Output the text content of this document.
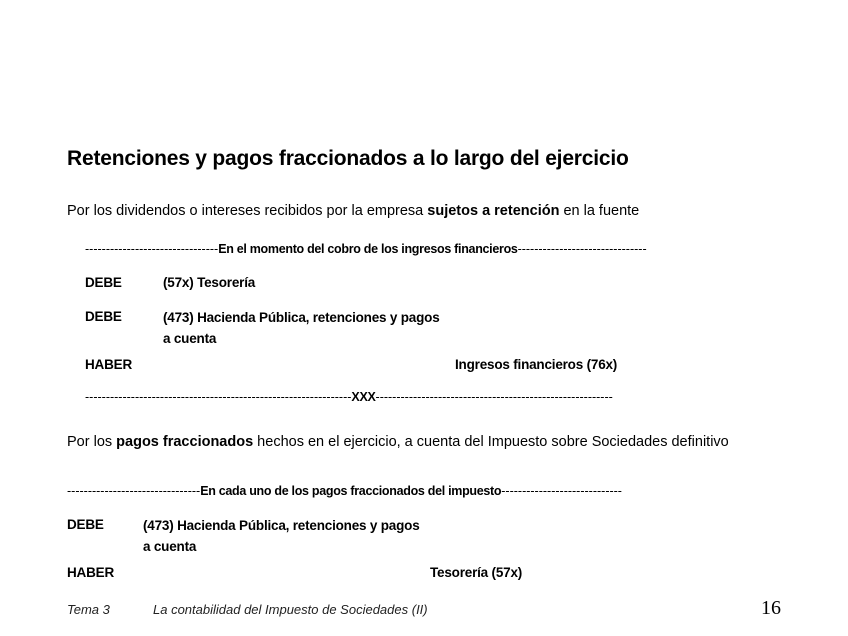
Retenciones y pagos fraccionados a lo largo del ejercicio
Por los dividendos o intereses recibidos por la empresa sujetos a retención en la fuente
--------------------------------En el momento del cobro de los ingresos financieros-------------------------------
DEBE	(57x) Tesorería
DEBE	(473) Hacienda Pública, retenciones y pagos a cuenta
HABER	Ingresos financieros (76x)
----------------------------------------------------------------XXX---------------------------------------------------------
Por los pagos fraccionados hechos en el ejercicio, a cuenta del Impuesto sobre Sociedades definitivo
--------------------------------En cada uno de los pagos fraccionados del impuesto-----------------------------
DEBE	(473) Hacienda Pública, retenciones y pagos a cuenta
HABER	Tesorería (57x)
Tema 3	La contabilidad del Impuesto de Sociedades (II)	16
